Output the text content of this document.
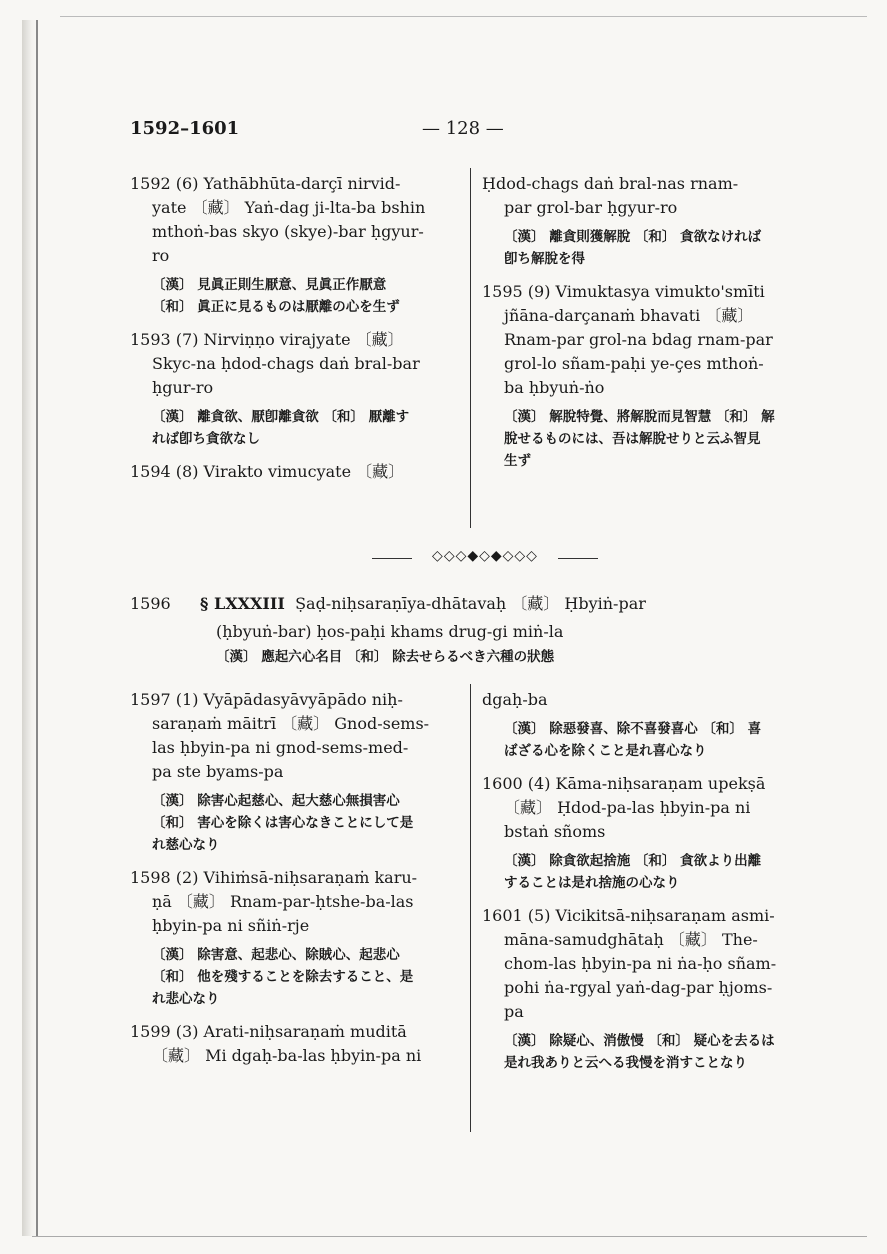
1592–1601	— 128 —
1592 (6) Yathābhūta-darçī nirvid-
yate 〔藏〕 Yaṅ-dag ji-lta-ba bshin
mthoṅ-bas skyo (skye)-bar ḥgyur-
ro
〔漢〕 見眞正則生厭意、見眞正作厭意
〔和〕 眞正に見るものは厭離の心を生ず
1593 (7) Nirviṇṇo virajyate 〔藏〕
Skyc-na ḥdod-chags daṅ bral-bar
ḥgur-ro
〔漢〕 離貪欲、厭卽離貪欲 〔和〕 厭離す
れば卽ち貪欲なし
1594 (8) Virakto vimucyate 〔藏〕
Ḥdod-chags daṅ bral-nas rnam-
par grol-bar ḥgyur-ro
〔漢〕 離貪則獲解脫 〔和〕 貪欲なければ
卽ち解脫を得
1595 (9) Vimuktasya vimukto'smīti
jñāna-darçanaṁ bhavati 〔藏〕
Rnam-par grol-na bdag rnam-par
grol-lo sñam-paḥi ye-çes mthoṅ-
ba ḥbyuṅ-ṅo
〔漢〕 解脫特覺、將解脫而見智慧 〔和〕 解
脫せるものには、吾は解脫せりと云ふ智見
生ず
◇◇◇◆◇◆◇◇◇
1596 § LXXXIII Ṣaḍ-niḥsaraṇīya-dhātavaḥ 〔藏〕 Ḥbyiṅ-par
(ḥbyuṅ-bar) ḥos-paḥi khams drug-gi miṅ-la
〔漢〕 應起六心名目 〔和〕 除去せらるべき六種の狀態
1597 (1) Vyāpādasyāvyāpādo niḥ-
saraṇaṁ māitrī 〔藏〕 Gnod-sems-
las ḥbyin-pa ni gnod-sems-med-
pa ste byams-pa
〔漢〕 除害心起慈心、起大慈心無損害心
〔和〕 害心を除くは害心なきことにして是
れ慈心なり
1598 (2) Vihiṁsā-niḥsaraṇaṁ karu-
ṇā 〔藏〕 Rnam-par-ḥtshe-ba-las
ḥbyin-pa ni sñiṅ-rje
〔漢〕 除害意、起悲心、除賊心、起悲心
〔和〕 他を殘することを除去すること、是
れ悲心なり
1599 (3) Arati-niḥsaraṇaṁ muditā
〔藏〕 Mi dgaḥ-ba-las ḥbyin-pa ni
dgaḥ-ba
〔漢〕 除惡發喜、除不喜發喜心 〔和〕 喜
ばざる心を除くこと是れ喜心なり
1600 (4) Kāma-niḥsaraṇam upekṣā
〔藏〕 Ḥdod-pa-las ḥbyin-pa ni
bstaṅ sñoms
〔漢〕 除貪欲起捨施 〔和〕 貪欲より出離
することは是れ捨施の心なり
1601 (5) Vicikitsā-niḥsaraṇam asmi-
māna-samudghātaḥ 〔藏〕 The-
chom-las ḥbyin-pa ni ṅa-ḥo sñam-
pohi ṅa-rgyal yaṅ-dag-par ḥjoms-
pa
〔漢〕 除疑心、消傲慢 〔和〕 疑心を去るは
是れ我ありと云へる我慢を消すことなり
